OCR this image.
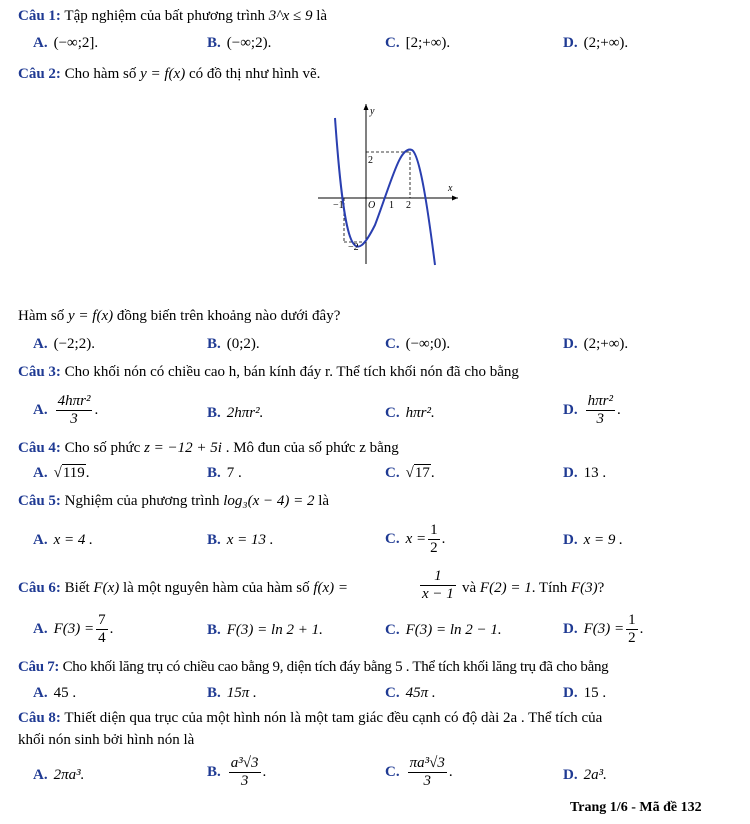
Câu 1: Tập nghiệm của bất phương trình 3^x ≤ 9 là
A. (−∞;2].	B. (−∞;2).	C. [2;+∞).	D. (2;+∞).
Câu 2: Cho hàm số y = f(x) có đồ thị như hình vẽ.
y
x
O
−1	1 2
2
−2
Hàm số y = f(x) đồng biến trên khoảng nào dưới đây?
A. (−2;2).	B. (0;2).	C. (−∞;0).	D. (2;+∞).
Câu 3: Cho khối nón có chiều cao h, bán kính đáy r. Thể tích khối nón đã cho bằng
A. $\frac{\text{4hπr²}}{3}$ .	B. 2hπr².	C. hπr².	D. $\frac{\text{hπr²}}{3}$ .
Câu 4: Cho số phức z = −12 + 5i . Mô đun của số phức z bằng
A. √119.	B. 7 .	C. √17.	D. 13 .
Câu 5: Nghiệm của phương trình log₃(x − 4) = 2 là
A. x = 4 .	B. x = 13 .	C. $x = \frac{1}{2}$ .	D. x = 9 .
Câu 6: Biết F(x) là một nguyên hàm của hàm số f(x) =	$\frac{1}{x - 1}$ và F(2) = 1. Tính F(3)?
A. $F(3) = \frac{7}{4}$ .	B. F(3) = ln 2 + 1.	C. F(3) = ln 2 − 1.	D. $F(3) = \frac{1}{2}$ .
Câu 7: Cho khối lăng trụ có chiều cao bằng 9, diện tích đáy bằng 5 . Thể tích khối lăng trụ đã cho bằng
A. 45 .	B. 15π .	C. 45π .	D. 15 .
Câu 8: Thiết diện qua trục của một hình nón là một tam giác đều cạnh có độ dài 2a . Thể tích của
khối nón sinh bởi hình nón là
A. 2πa³.	B. $\frac{\text{a³√3}}{3}$ .	C. $\frac{\text{πa³√3}}{3}$ .	D. 2a³.
Trang 1/6 - Mã đề 132
